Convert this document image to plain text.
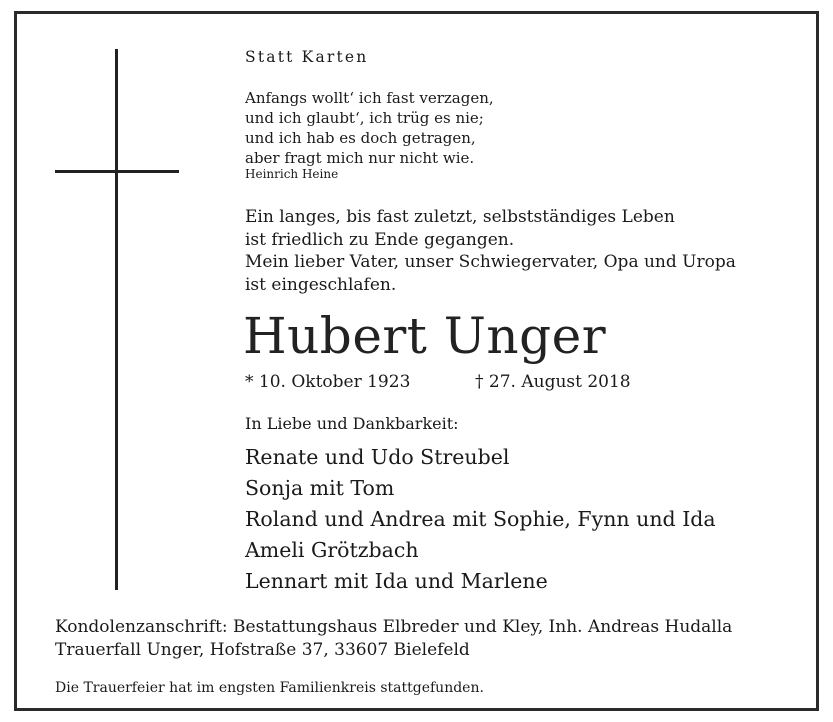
Statt Karten
Anfangs wollt‘ ich fast verzagen,
und ich glaubt‘, ich trüg es nie;
und ich hab es doch getragen,
aber fragt mich nur nicht wie.
Heinrich Heine
Ein langes, bis fast zuletzt, selbstständiges Leben
ist friedlich zu Ende gegangen.
Mein lieber Vater, unser Schwiegervater, Opa und Uropa
ist eingeschlafen.
Hubert Unger
* 10. Oktober 1923	† 27. August 2018
In Liebe und Dankbarkeit:
Renate und Udo Streubel
Sonja mit Tom
Roland und Andrea mit Sophie, Fynn und Ida
Ameli Grötzbach
Lennart mit Ida und Marlene
Kondolenzanschrift: Bestattungshaus Elbreder und Kley, Inh. Andreas Hudalla
Trauerfall Unger, Hofstraße 37, 33607 Bielefeld
Die Trauerfeier hat im engsten Familienkreis stattgefunden.
